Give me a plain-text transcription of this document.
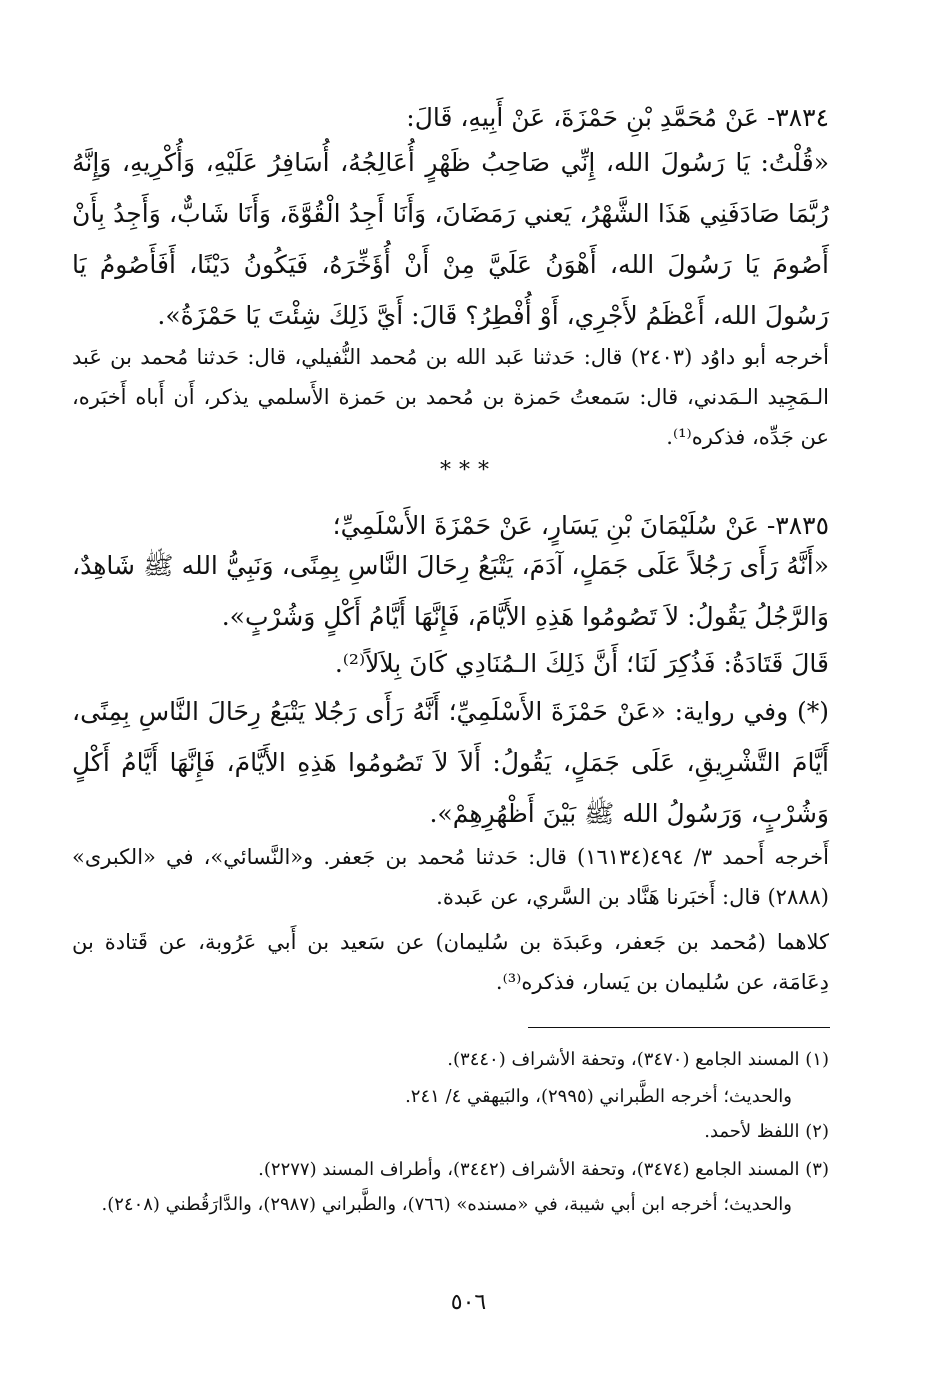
٣٨٣٤- عَنْ مُحَمَّدِ بْنِ حَمْزَةَ، عَنْ أَبِيهِ، قَالَ:
«قُلْتُ: يَا رَسُولَ الله، إِنِّي صَاحِبُ ظَهْرٍ أُعَالِجُهُ، أُسَافِرُ عَلَيْهِ، وَأُكْرِيهِ، وَإِنَّهُ رُبَّمَا صَادَفَنِي هَذَا الشَّهْرُ، يَعني رَمَضَانَ، وَأَنَا أَجِدُ الْقُوَّةَ، وَأَنَا شَابٌّ، وَأَجِدُ بِأَنْ أَصُومَ يَا رَسُولَ الله، أَهْوَنُ عَلَيَّ مِنْ أَنْ أُؤَخِّرَهُ، فَيَكُونُ دَيْنًا، أَفَأَصُومُ يَا رَسُولَ الله، أَعْظَمُ لأَجْرِي، أَوْ أُفْطِرُ؟ قَالَ: أَيَّ ذَلِكَ شِئْتَ يَا حَمْزَةُ».
أخرجه أبو داوُد (٢٤٠٣) قال: حَدثنا عَبد الله بن مُحمد النُّفيلي، قال: حَدثنا مُحمد بن عَبد الـمَجِيد الـمَدني، قال: سَمعتُ حَمزة بن مُحمد بن حَمزة الأَسلمي يذكر، أَن أَباه أَخبَره، عن جَدِّه، فذكره⁽¹⁾.
***
٣٨٣٥- عَنْ سُلَيْمَانَ بْنِ يَسَارٍ، عَنْ حَمْزَةَ الأَسْلَمِيِّ؛
«أَنَّهُ رَأَى رَجُلاً عَلَى جَمَلٍ، آدَمَ، يَتْبَعُ رِحَالَ النَّاسِ بِمِنًى، وَنَبِيُّ الله ﷺ شَاهِدٌ، وَالرَّجُلُ يَقُولُ: لاَ تَصُومُوا هَذِهِ الأَيَّامَ، فَإِنَّهَا أَيَّامُ أَكْلٍ وَشُرْبٍ».
قَالَ قَتَادَةُ: فَذُكِرَ لَنَا؛ أَنَّ ذَلِكَ الـمُنَادِي كَانَ بِلاَلاً⁽²⁾.
(*) وفي رواية: «عَنْ حَمْزَةَ الأَسْلَمِيِّ؛ أَنَّهُ رَأَى رَجُلا يَتْبَعُ رِحَالَ النَّاسِ بِمِنًى، أَيَّامَ التَّشْرِيقِ، عَلَى جَمَلٍ، يَقُولُ: أَلاَ لاَ تَصُومُوا هَذِهِ الأَيَّامَ، فَإِنَّهَا أَيَّامُ أَكْلٍ وَشُرْبٍ، وَرَسُولُ الله ﷺ بَيْنَ أَظْهُرِهِمْ».
أَخرجه أَحمد ٣/ ٤٩٤(١٦١٣٤) قال: حَدثنا مُحمد بن جَعفر. و«النَّسائي»، في «الكبرى» (٢٨٨٨) قال: أَخبَرنا هَنَّاد بن السَّري، عن عَبدة.
كلاهما (مُحمد بن جَعفر، وعَبدَة بن سُليمان) عن سَعيد بن أَبي عَرُوبة، عن قَتادة بن دِعَامَة، عن سُليمان بن يَسار، فذكره⁽³⁾.
(١) المسند الجامع (٣٤٧٠)، وتحفة الأشراف (٣٤٤٠).
والحديث؛ أخرجه الطَّبراني (٢٩٩٥)، والبَيهقي ٤/ ٢٤١.
(٢) اللفظ لأحمد.
(٣) المسند الجامع (٣٤٧٤)، وتحفة الأشراف (٣٤٤٢)، وأطراف المسند (٢٢٧٧).
والحديث؛ أخرجه ابن أبي شيبة، في «مسنده» (٧٦٦)، والطَّبراني (٢٩٨٧)، والدَّارَقُطني (٢٤٠٨).
٥٠٦
